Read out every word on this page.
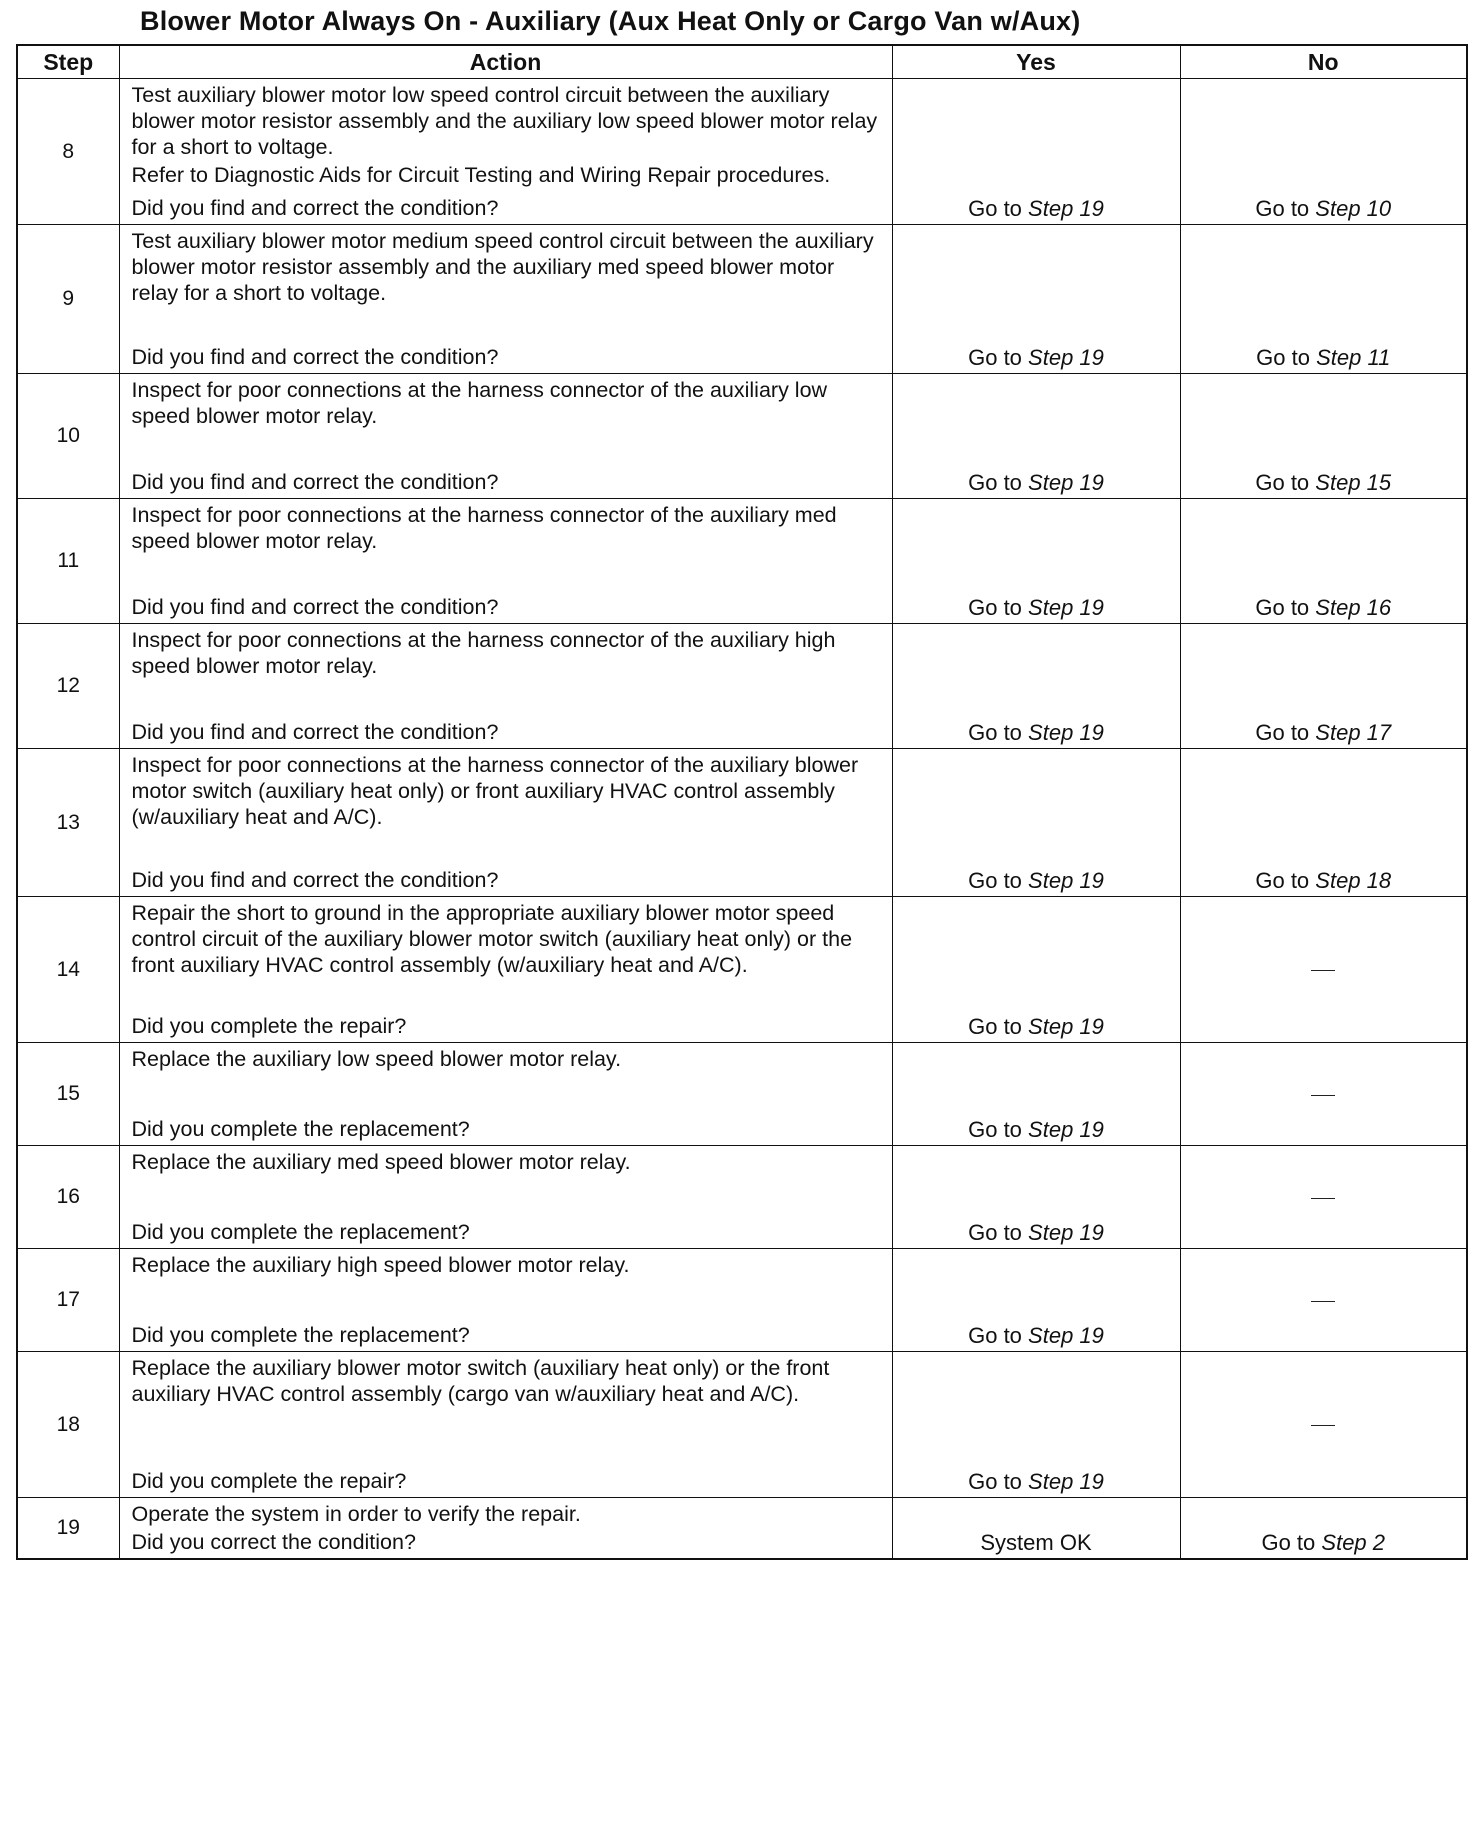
Blower Motor Always On - Auxiliary (Aux Heat Only or Cargo Van w/Aux)
Step	Action	Yes	No
8	Test auxiliary blower motor low speed control circuit between the auxiliary blower motor resistor assembly and the auxiliary low speed blower motor relay for a short to voltage.

Refer to Diagnostic Aids for Circuit Testing and Wiring Repair procedures.

Did you find and correct the condition?	Go to Step 19	Go to Step 10
9	Test auxiliary blower motor medium speed control circuit between the auxiliary blower motor resistor assembly and the auxiliary med speed blower motor relay for a short to voltage.

Did you find and correct the condition?	Go to Step 19	Go to Step 11
10	Inspect for poor connections at the harness connector of the auxiliary low speed blower motor relay.

Did you find and correct the condition?	Go to Step 19	Go to Step 15
11	Inspect for poor connections at the harness connector of the auxiliary med speed blower motor relay.

Did you find and correct the condition?	Go to Step 19	Go to Step 16
12	Inspect for poor connections at the harness connector of the auxiliary high speed blower motor relay.

Did you find and correct the condition?	Go to Step 19	Go to Step 17
13	Inspect for poor connections at the harness connector of the auxiliary blower motor switch (auxiliary heat only) or front auxiliary HVAC control assembly (w/auxiliary heat and A/C).

Did you find and correct the condition?	Go to Step 19	Go to Step 18
14	Repair the short to ground in the appropriate auxiliary blower motor speed control circuit of the auxiliary blower motor switch (auxiliary heat only) or the front auxiliary HVAC control assembly (w/auxiliary heat and A/C).

Did you complete the repair?	Go to Step 19	
15	Replace the auxiliary low speed blower motor relay.

Did you complete the replacement?	Go to Step 19	
16	Replace the auxiliary med speed blower motor relay.

Did you complete the replacement?	Go to Step 19	
17	Replace the auxiliary high speed blower motor relay.

Did you complete the replacement?	Go to Step 19	
18	Replace the auxiliary blower motor switch (auxiliary heat only) or the front auxiliary HVAC control assembly (cargo van w/auxiliary heat and A/C).

Did you complete the repair?	Go to Step 19	
19	Operate the system in order to verify the repair.

Did you correct the condition?	System OK	Go to Step 2
